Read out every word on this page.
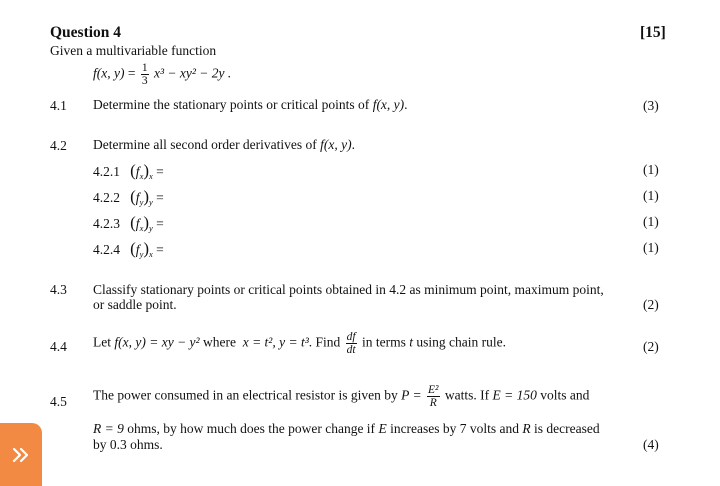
Question 4	[15]
Given a multivariable function
f(x, $y) = \frac{1}{3} x^3 - xy^2 - 2y$ .
4.1 Determine the stationary points or critical points of f(x, y).	(3)
4.2 Determine all second order derivatives of f(x, y).
4.2.1 $(f_x)_x$ =	(1)
4.2.2 $(f_y)_y$ =	(1)
4.2.3 $(f_x)_y$ =	(1)
4.2.4 $(f_y)_x$ =	(1)
4.3 Classify stationary points or critical points obtained in 4.2 as minimum point, maximum point,
or saddle point.	(2)
4.4 Let f(x, y) = xy − y² where x = t², y = t³. Find $\frac{df}{dt}$ in terms t using chain rule.	(2)
4.5 The power consumed in an electrical resistor is given by $P = \frac{\text{E²}}{R}$ watts. If E = 150 volts and
R = 9 ohms, by how much does the power change if E increases by 7 volts and R is decreased
by 0.3 ohms.	(4)
